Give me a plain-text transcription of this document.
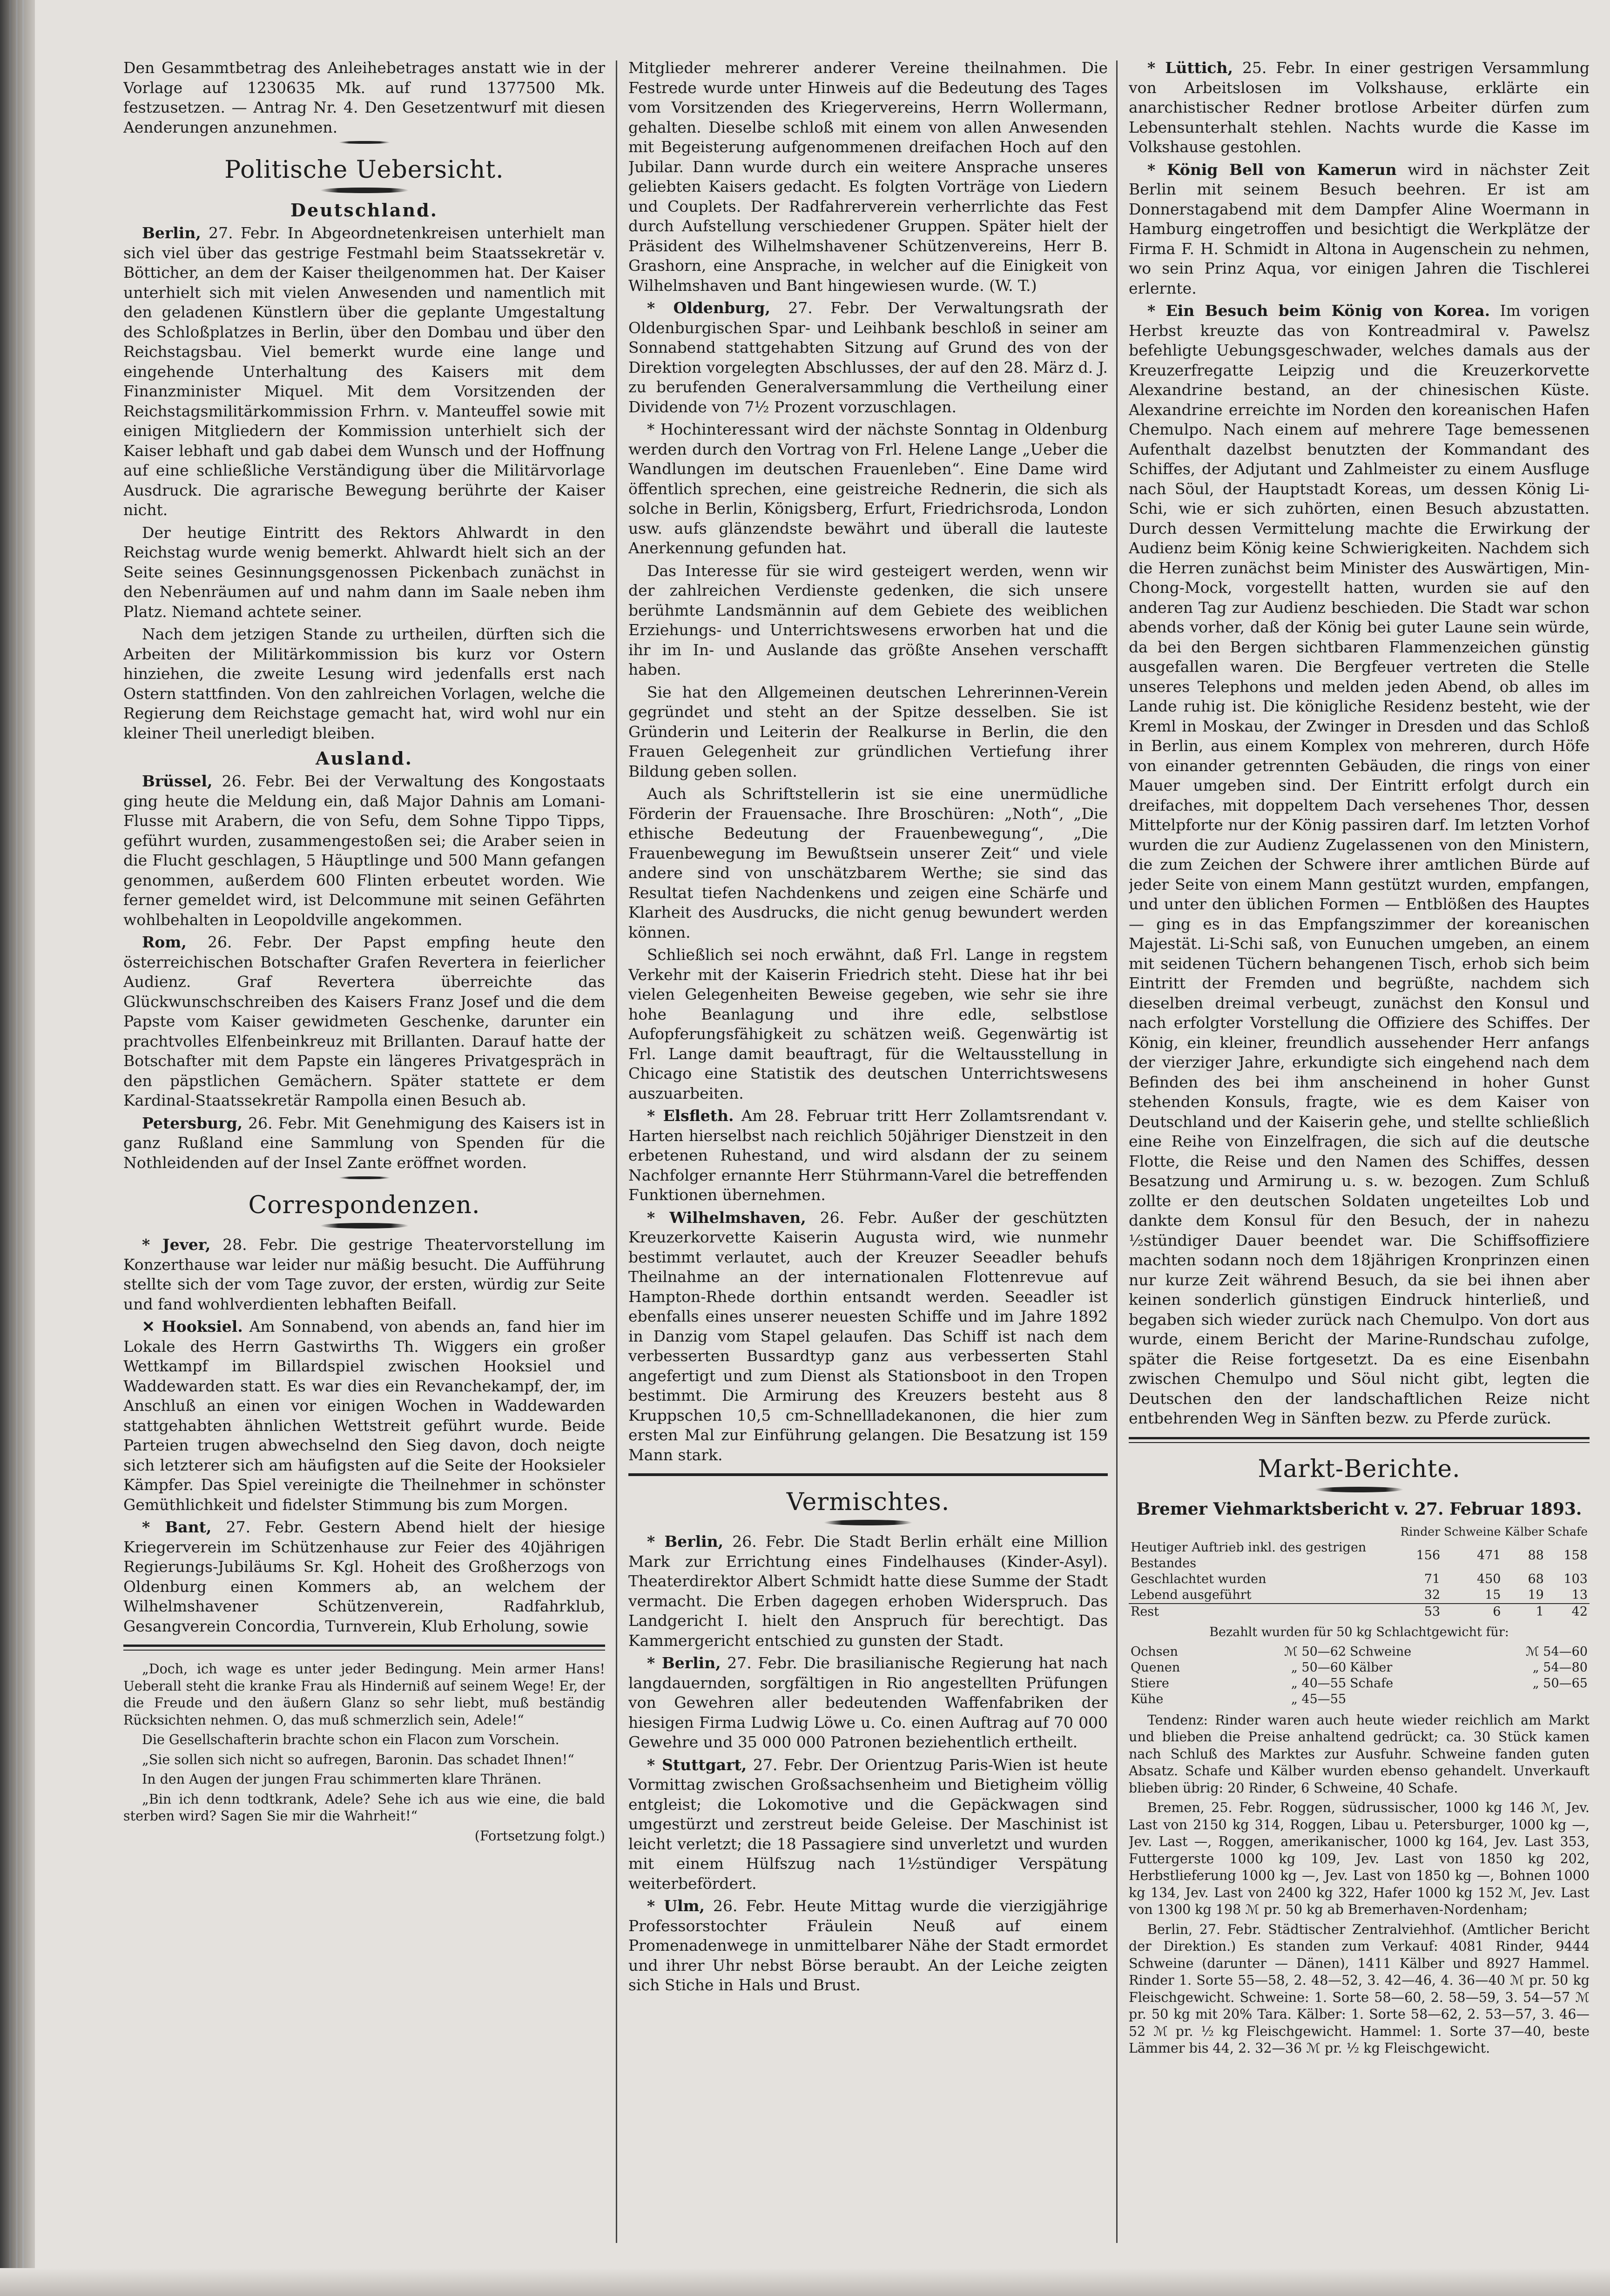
Den Gesammtbetrag des Anleihebetrages anstatt wie in der Vorlage auf 1230635 Mk. auf rund 1377500 Mk. festzusetzen. — Antrag Nr. 4. Den Gesetzentwurf mit diesen Aenderungen anzunehmen.

Politische Uebersicht.
Deutschland.

Berlin, 27. Febr. In Abgeordnetenkreisen unterhielt man sich viel über das gestrige Festmahl beim Staatssekretär v. Bötticher, an dem der Kaiser theilgenommen hat. Der Kaiser unterhielt sich mit vielen Anwesenden und namentlich mit den geladenen Künstlern über die geplante Umgestaltung des Schloßplatzes in Berlin, über den Dombau und über den Reichstagsbau. Viel bemerkt wurde eine lange und eingehende Unterhaltung des Kaisers mit dem Finanzminister Miquel. Mit dem Vorsitzenden der Reichstagsmilitärkommission Frhrn. v. Manteuffel sowie mit einigen Mitgliedern der Kommission unterhielt sich der Kaiser lebhaft und gab dabei dem Wunsch und der Hoffnung auf eine schließliche Verständigung über die Militärvorlage Ausdruck. Die agrarische Bewegung berührte der Kaiser nicht.

Der heutige Eintritt des Rektors Ahlwardt in den Reichstag wurde wenig bemerkt. Ahlwardt hielt sich an der Seite seines Gesinnungsgenossen Pickenbach zunächst in den Nebenräumen auf und nahm dann im Saale neben ihm Platz. Niemand achtete seiner.

Nach dem jetzigen Stande zu urtheilen, dürften sich die Arbeiten der Militärkommission bis kurz vor Ostern hinziehen, die zweite Lesung wird jedenfalls erst nach Ostern stattfinden. Von den zahlreichen Vorlagen, welche die Regierung dem Reichstage gemacht hat, wird wohl nur ein kleiner Theil unerledigt bleiben.

Ausland.

Brüssel, 26. Febr. Bei der Verwaltung des Kongostaats ging heute die Meldung ein, daß Major Dahnis am Lomani-Flusse mit Arabern, die von Sefu, dem Sohne Tippo Tipps, geführt wurden, zusammengestoßen sei; die Araber seien in die Flucht geschlagen, 5 Häuptlinge und 500 Mann gefangen genommen, außerdem 600 Flinten erbeutet worden. Wie ferner gemeldet wird, ist Delcommune mit seinen Gefährten wohlbehalten in Leopoldville angekommen.

Rom, 26. Febr. Der Papst empfing heute den österreichischen Botschafter Grafen Revertera in feierlicher Audienz. Graf Revertera überreichte das Glückwunschschreiben des Kaisers Franz Josef und die dem Papste vom Kaiser gewidmeten Geschenke, darunter ein prachtvolles Elfenbeinkreuz mit Brillanten. Darauf hatte der Botschafter mit dem Papste ein längeres Privatgespräch in den päpstlichen Gemächern. Später stattete er dem Kardinal-Staatssekretär Rampolla einen Besuch ab.

Petersburg, 26. Febr. Mit Genehmigung des Kaisers ist in ganz Rußland eine Sammlung von Spenden für die Nothleidenden auf der Insel Zante eröffnet worden.

Correspondenzen.

* Jever, 28. Febr. Die gestrige Theatervorstellung im Konzerthause war leider nur mäßig besucht. Die Aufführung stellte sich der vom Tage zuvor, der ersten, würdig zur Seite und fand wohlverdienten lebhaften Beifall.

✕ Hooksiel. Am Sonnabend, von abends an, fand hier im Lokale des Herrn Gastwirths Th. Wiggers ein großer Wettkampf im Billardspiel zwischen Hooksiel und Waddewarden statt. Es war dies ein Revanchekampf, der, im Anschluß an einen vor einigen Wochen in Waddewarden stattgehabten ähnlichen Wettstreit geführt wurde. Beide Parteien trugen abwechselnd den Sieg davon, doch neigte sich letzterer sich am häufigsten auf die Seite der Hooksieler Kämpfer. Das Spiel vereinigte die Theilnehmer in schönster Gemüthlichkeit und fidelster Stimmung bis zum Morgen.

* Bant, 27. Febr. Gestern Abend hielt der hiesige Kriegerverein im Schützenhause zur Feier des 40jährigen Regierungs-Jubiläums Sr. Kgl. Hoheit des Großherzogs von Oldenburg einen Kommers ab, an welchem der Wilhelmshavener Schützenverein, Radfahrklub, Gesangverein Concordia, Turnverein, Klub Erholung, sowie

„Doch, ich wage es unter jeder Bedingung. Mein armer Hans! Ueberall steht die kranke Frau als Hinderniß auf seinem Wege! Er, der die Freude und den äußern Glanz so sehr liebt, muß beständig Rücksichten nehmen. O, das muß schmerzlich sein, Adele!“

Die Gesellschafterin brachte schon ein Flacon zum Vorschein.

„Sie sollen sich nicht so aufregen, Baronin. Das schadet Ihnen!“

In den Augen der jungen Frau schimmerten klare Thränen.

„Bin ich denn todtkrank, Adele? Sehe ich aus wie eine, die bald sterben wird? Sagen Sie mir die Wahrheit!“

(Fortsetzung folgt.)

Mitglieder mehrerer anderer Vereine theilnahmen. Die Festrede wurde unter Hinweis auf die Bedeutung des Tages vom Vorsitzenden des Kriegervereins, Herrn Wollermann, gehalten. Dieselbe schloß mit einem von allen Anwesenden mit Begeisterung aufgenommenen dreifachen Hoch auf den Jubilar. Dann wurde durch ein weitere Ansprache unseres geliebten Kaisers gedacht. Es folgten Vorträge von Liedern und Couplets. Der Radfahrerverein verherrlichte das Fest durch Aufstellung verschiedener Gruppen. Später hielt der Präsident des Wilhelmshavener Schützenvereins, Herr B. Grashorn, eine Ansprache, in welcher auf die Einigkeit von Wilhelmshaven und Bant hingewiesen wurde. (W. T.)

* Oldenburg, 27. Febr. Der Verwaltungsrath der Oldenburgischen Spar- und Leihbank beschloß in seiner am Sonnabend stattgehabten Sitzung auf Grund des von der Direktion vorgelegten Abschlusses, der auf den 28. März d. J. zu berufenden Generalversammlung die Vertheilung einer Dividende von 7½ Prozent vorzuschlagen.

* Hochinteressant wird der nächste Sonntag in Oldenburg werden durch den Vortrag von Frl. Helene Lange „Ueber die Wandlungen im deutschen Frauenleben“. Eine Dame wird öffentlich sprechen, eine geistreiche Rednerin, die sich als solche in Berlin, Königsberg, Erfurt, Friedrichsroda, London usw. aufs glänzendste bewährt und überall die lauteste Anerkennung gefunden hat.

Das Interesse für sie wird gesteigert werden, wenn wir der zahlreichen Verdienste gedenken, die sich unsere berühmte Landsmännin auf dem Gebiete des weiblichen Erziehungs- und Unterrichtswesens erworben hat und die ihr im In- und Auslande das größte Ansehen verschafft haben.

Sie hat den Allgemeinen deutschen Lehrerinnen-Verein gegründet und steht an der Spitze desselben. Sie ist Gründerin und Leiterin der Realkurse in Berlin, die den Frauen Gelegenheit zur gründlichen Vertiefung ihrer Bildung geben sollen.

Auch als Schriftstellerin ist sie eine unermüdliche Förderin der Frauensache. Ihre Broschüren: „Noth“, „Die ethische Bedeutung der Frauenbewegung“, „Die Frauenbewegung im Bewußtsein unserer Zeit“ und viele andere sind von unschätzbarem Werthe; sie sind das Resultat tiefen Nachdenkens und zeigen eine Schärfe und Klarheit des Ausdrucks, die nicht genug bewundert werden können.

Schließlich sei noch erwähnt, daß Frl. Lange in regstem Verkehr mit der Kaiserin Friedrich steht. Diese hat ihr bei vielen Gelegenheiten Beweise gegeben, wie sehr sie ihre hohe Beanlagung und ihre edle, selbstlose Aufopferungsfähigkeit zu schätzen weiß. Gegenwärtig ist Frl. Lange damit beauftragt, für die Weltausstellung in Chicago eine Statistik des deutschen Unterrichtswesens auszuarbeiten.

* Elsfleth. Am 28. Februar tritt Herr Zollamtsrendant v. Harten hierselbst nach reichlich 50jähriger Dienstzeit in den erbetenen Ruhestand, und wird alsdann der zu seinem Nachfolger ernannte Herr Stührmann-Varel die betreffenden Funktionen übernehmen.

* Wilhelmshaven, 26. Febr. Außer der geschützten Kreuzerkorvette Kaiserin Augusta wird, wie nunmehr bestimmt verlautet, auch der Kreuzer Seeadler behufs Theilnahme an der internationalen Flottenrevue auf Hampton-Rhede dorthin entsandt werden. Seeadler ist ebenfalls eines unserer neuesten Schiffe und im Jahre 1892 in Danzig vom Stapel gelaufen. Das Schiff ist nach dem verbesserten Bussardtyp ganz aus verbesserten Stahl angefertigt und zum Dienst als Stationsboot in den Tropen bestimmt. Die Armirung des Kreuzers besteht aus 8 Kruppschen 10,5 cm-Schnellladekanonen, die hier zum ersten Mal zur Einführung gelangen. Die Besatzung ist 159 Mann stark.

Vermischtes.

* Berlin, 26. Febr. Die Stadt Berlin erhält eine Million Mark zur Errichtung eines Findelhauses (Kinder-Asyl). Theaterdirektor Albert Schmidt hatte diese Summe der Stadt vermacht. Die Erben dagegen erhoben Widerspruch. Das Landgericht I. hielt den Anspruch für berechtigt. Das Kammergericht entschied zu gunsten der Stadt.

* Berlin, 27. Febr. Die brasilianische Regierung hat nach langdauernden, sorgfältigen in Rio angestellten Prüfungen von Gewehren aller bedeutenden Waffenfabriken der hiesigen Firma Ludwig Löwe u. Co. einen Auftrag auf 70 000 Gewehre und 35 000 000 Patronen beziehentlich ertheilt.

* Stuttgart, 27. Febr. Der Orientzug Paris-Wien ist heute Vormittag zwischen Großsachsenheim und Bietigheim völlig entgleist; die Lokomotive und die Gepäckwagen sind umgestürzt und zerstreut beide Geleise. Der Maschinist ist leicht verletzt; die 18 Passagiere sind unverletzt und wurden mit einem Hülfszug nach 1½stündiger Verspätung weiterbefördert.

* Ulm, 26. Febr. Heute Mittag wurde die vierzigjährige Professorstochter Fräulein Neuß auf einem Promenadenwege in unmittelbarer Nähe der Stadt ermordet und ihrer Uhr nebst Börse beraubt. An der Leiche zeigten sich Stiche in Hals und Brust.

* Lüttich, 25. Febr. In einer gestrigen Versammlung von Arbeitslosen im Volkshause, erklärte ein anarchistischer Redner brotlose Arbeiter dürfen zum Lebensunterhalt stehlen. Nachts wurde die Kasse im Volkshause gestohlen.

* König Bell von Kamerun wird in nächster Zeit Berlin mit seinem Besuch beehren. Er ist am Donnerstagabend mit dem Dampfer Aline Woermann in Hamburg eingetroffen und besichtigt die Werkplätze der Firma F. H. Schmidt in Altona in Augenschein zu nehmen, wo sein Prinz Aqua, vor einigen Jahren die Tischlerei erlernte.

* Ein Besuch beim König von Korea. Im vorigen Herbst kreuzte das von Kontreadmiral v. Pawelsz befehligte Uebungsgeschwader, welches damals aus der Kreuzerfregatte Leipzig und die Kreuzerkorvette Alexandrine bestand, an der chinesischen Küste. Alexandrine erreichte im Norden den koreanischen Hafen Chemulpo. Nach einem auf mehrere Tage bemessenen Aufenthalt dazelbst benutzten der Kommandant des Schiffes, der Adjutant und Zahlmeister zu einem Ausfluge nach Söul, der Hauptstadt Koreas, um dessen König Li-Schi, wie er sich zuhörten, einen Besuch abzustatten. Durch dessen Vermittelung machte die Erwirkung der Audienz beim König keine Schwierigkeiten. Nachdem sich die Herren zunächst beim Minister des Auswärtigen, Min-Chong-Mock, vorgestellt hatten, wurden sie auf den anderen Tag zur Audienz beschieden. Die Stadt war schon abends vorher, daß der König bei guter Laune sein würde, da bei den Bergen sichtbaren Flammenzeichen günstig ausgefallen waren. Die Bergfeuer vertreten die Stelle unseres Telephons und melden jeden Abend, ob alles im Lande ruhig ist. Die königliche Residenz besteht, wie der Kreml in Moskau, der Zwinger in Dresden und das Schloß in Berlin, aus einem Komplex von mehreren, durch Höfe von einander getrennten Gebäuden, die rings von einer Mauer umgeben sind. Der Eintritt erfolgt durch ein dreifaches, mit doppeltem Dach versehenes Thor, dessen Mittelpforte nur der König passiren darf. Im letzten Vorhof wurden die zur Audienz Zugelassenen von den Ministern, die zum Zeichen der Schwere ihrer amtlichen Bürde auf jeder Seite von einem Mann gestützt wurden, empfangen, und unter den üblichen Formen — Entblößen des Hauptes — ging es in das Empfangszimmer der koreanischen Majestät. Li-Schi saß, von Eunuchen umgeben, an einem mit seidenen Tüchern behangenen Tisch, erhob sich beim Eintritt der Fremden und begrüßte, nachdem sich dieselben dreimal verbeugt, zunächst den Konsul und nach erfolgter Vorstellung die Offiziere des Schiffes. Der König, ein kleiner, freundlich aussehender Herr anfangs der vierziger Jahre, erkundigte sich eingehend nach dem Befinden des bei ihm anscheinend in hoher Gunst stehenden Konsuls, fragte, wie es dem Kaiser von Deutschland und der Kaiserin gehe, und stellte schließlich eine Reihe von Einzelfragen, die sich auf die deutsche Flotte, die Reise und den Namen des Schiffes, dessen Besatzung und Armirung u. s. w. bezogen. Zum Schluß zollte er den deutschen Soldaten ungeteiltes Lob und dankte dem Konsul für den Besuch, der in nahezu ½stündiger Dauer beendet war. Die Schiffsoffiziere machten sodann noch dem 18jährigen Kronprinzen einen nur kurze Zeit während Besuch, da sie bei ihnen aber keinen sonderlich günstigen Eindruck hinterließ, und begaben sich wieder zurück nach Chemulpo. Von dort aus wurde, einem Bericht der Marine-Rundschau zufolge, später die Reise fortgesetzt. Da es eine Eisenbahn zwischen Chemulpo und Söul nicht gibt, legten die Deutschen den der landschaftlichen Reize nicht entbehrenden Weg in Sänften bezw. zu Pferde zurück.

Markt-Berichte.
Bremer Viehmarktsbericht v. 27. Februar 1893.
	Rinder	Schweine	Kälber	Schafe
Heutiger Auftrieb inkl. des gestrigen Bestandes	156	471	88	158
Geschlachtet wurden	71	450	68	103
Lebend ausgeführt	32	15	19	13
Rest	53	6	1	42
Bezahlt wurden für 50 kg Schlachtgewicht für:
Ochsen	ℳ 50—62	Schweine	ℳ 54—60
Quenen	„ 50—60	Kälber	„ 54—80
Stiere	„ 40—55	Schafe	„ 50—65
Kühe	„ 45—55		

Tendenz: Rinder waren auch heute wieder reichlich am Markt und blieben die Preise anhaltend gedrückt; ca. 30 Stück kamen nach Schluß des Marktes zur Ausfuhr. Schweine fanden guten Absatz. Schafe und Kälber wurden ebenso gehandelt. Unverkauft blieben übrig: 20 Rinder, 6 Schweine, 40 Schafe.

Bremen, 25. Febr. Roggen, südrussischer, 1000 kg 146 ℳ, Jev. Last von 2150 kg 314, Roggen, Libau u. Petersburger, 1000 kg —, Jev. Last —, Roggen, amerikanischer, 1000 kg 164, Jev. Last 353, Futtergerste 1000 kg 109, Jev. Last von 1850 kg 202, Herbstlieferung 1000 kg —, Jev. Last von 1850 kg —, Bohnen 1000 kg 134, Jev. Last von 2400 kg 322, Hafer 1000 kg 152 ℳ, Jev. Last von 1300 kg 198 ℳ pr. 50 kg ab Bremerhaven-Nordenham;

Berlin, 27. Febr. Städtischer Zentralviehhof. (Amtlicher Bericht der Direktion.) Es standen zum Verkauf: 4081 Rinder, 9444 Schweine (darunter — Dänen), 1411 Kälber und 8927 Hammel. Rinder 1. Sorte 55—58, 2. 48—52, 3. 42—46, 4. 36—40 ℳ pr. 50 kg Fleischgewicht. Schweine: 1. Sorte 58—60, 2. 58—59, 3. 54—57 ℳ pr. 50 kg mit 20% Tara. Kälber: 1. Sorte 58—62, 2. 53—57, 3. 46—52 ℳ pr. ½ kg Fleischgewicht. Hammel: 1. Sorte 37—40, beste Lämmer bis 44, 2. 32—36 ℳ pr. ½ kg Fleischgewicht.
